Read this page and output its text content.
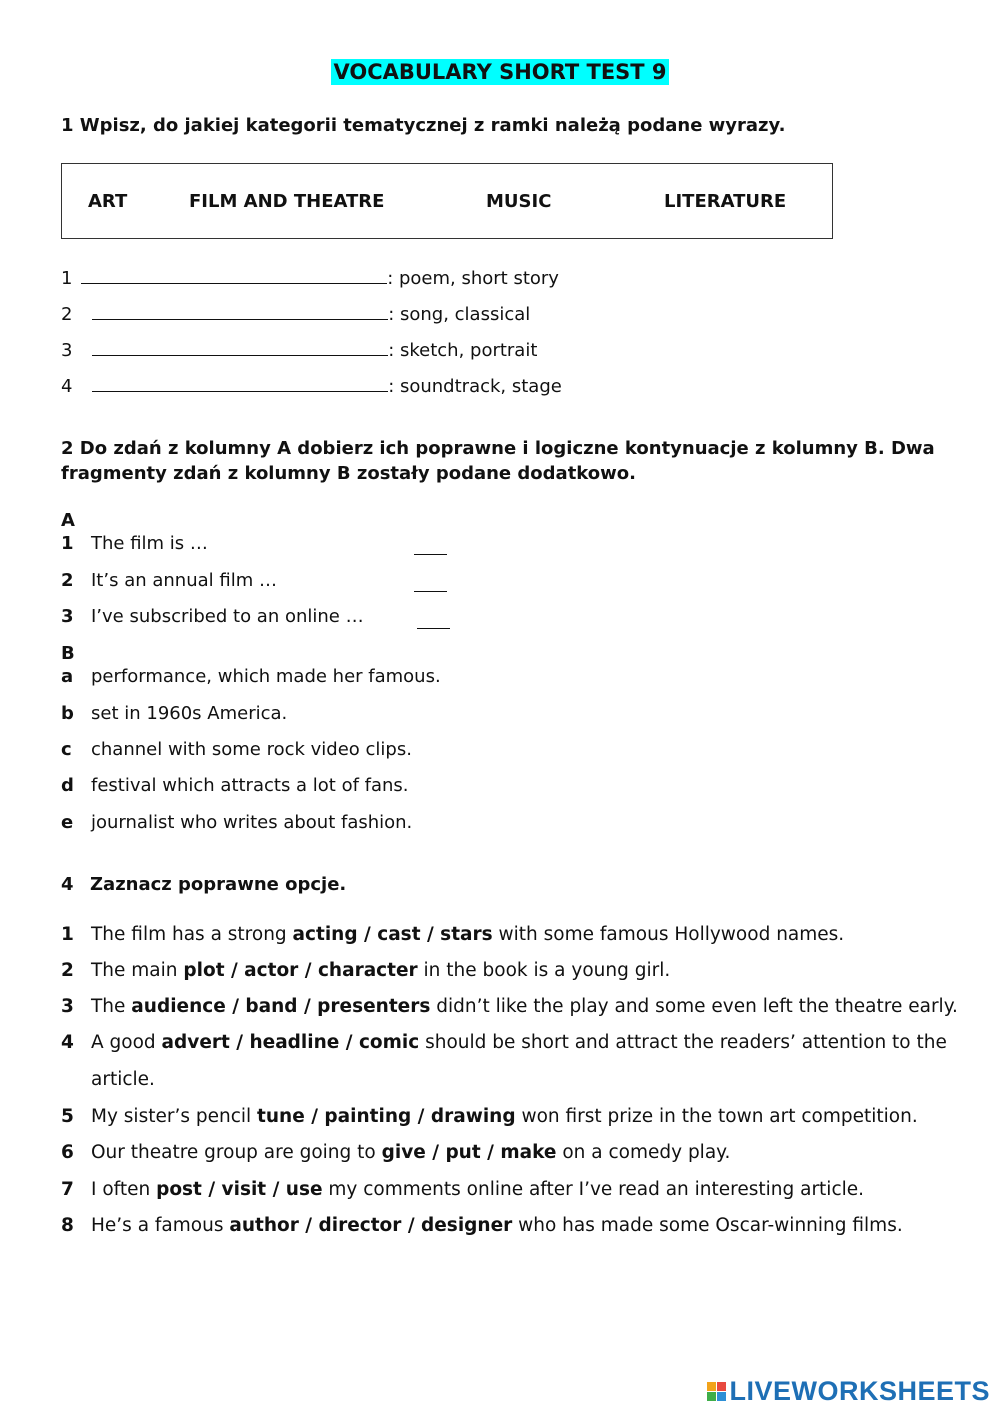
VOCABULARY SHORT TEST 9
1 Wpisz, do jakiej kategorii tematycznej z ramki należą podane wyrazy.
ART	FILM AND THEATRE	MUSIC	LITERATURE
1	: poem, short story
2	: song, classical
3	: sketch, portrait
4	: soundtrack, stage
2 Do zdań z kolumny A dobierz ich poprawne i logiczne kontynuacje z kolumny B. Dwa
fragmenty zdań z kolumny B zostały podane dodatkowo.
A
1 The film is …
2 It’s an annual film …
3 I’ve subscribed to an online …
B
a performance, which made her famous.
b set in 1960s America.
c channel with some rock video clips.
d festival which attracts a lot of fans.
e journalist who writes about fashion.
4 Zaznacz poprawne opcje.
1 The film has a strong acting / cast / stars with some famous Hollywood names.
2 The main plot / actor / character in the book is a young girl.
3 The audience / band / presenters didn’t like the play and some even left the theatre early.
4 A good advert / headline / comic should be short and attract the readers’ attention to the
article.
5 My sister’s pencil tune / painting / drawing won first prize in the town art competition.
6 Our theatre group are going to give / put / make on a comedy play.
7 I often post / visit / use my comments online after I’ve read an interesting article.
8 He’s a famous author / director / designer who has made some Oscar-winning films.
LIVEWORKSHEETS
